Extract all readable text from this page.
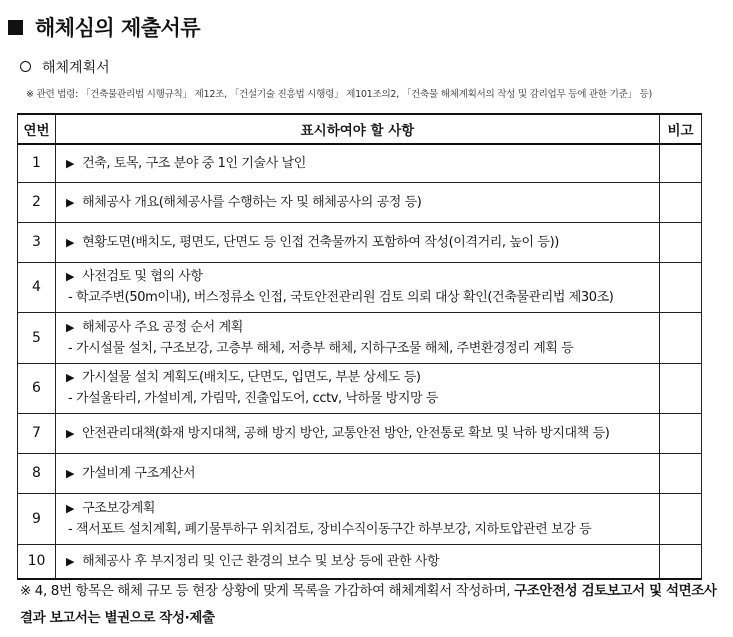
해체심의 제출서류
해체계획서
※ 관련 법령: 「건축물관리법 시행규칙」 제12조, 「건설기술 진흥법 시행령」 제101조의2, 「건축물 해체계획서의 작성 및 감리업무 등에 관한 기준」 등)
연번	표시하여야 할 사항	비고
1	▶ 건축, 토목, 구조 분야 중 1인 기술사 날인	

2	▶ 해체공사 개요(해체공사를 수행하는 자 및 해체공사의 공정 등)	

3	▶ 현황도면(배치도, 평면도, 단면도 등 인접 건축물까지 포함하여 작성(이격거리, 높이 등))	

4	▶ 사전검토 및 협의 사항
- 학교주변(50m이내), 버스정류소 인접, 국토안전관리원 검토 의뢰 대상 확인(건축물관리법 제30조)	

5	▶ 해체공사 주요 공정 순서 계획
- 가시설물 설치, 구조보강, 고층부 해체, 저층부 해체, 지하구조물 해체, 주변환경정리 계획 등	

6	▶ 가시설물 설치 계획도(배치도, 단면도, 입면도, 부분 상세도 등)
- 가설울타리, 가설비계, 가림막, 진출입도어, cctv, 낙하물 방지망 등	

7	▶ 안전관리대책(화재 방지대책, 공해 방지 방안, 교통안전 방안, 안전통로 확보 및 낙하 방지대책 등)	

8	▶ 가설비계 구조계산서	

9	▶ 구조보강계획
- 잭서포트 설치계획, 폐기물투하구 위치검토, 장비수직이동구간 하부보강, 지하토압관련 보강 등	

10	▶ 해체공사 후 부지정리 및 인근 환경의 보수 및 보상 등에 관한 사항	

※ 4, 8번 항목은 해체 규모 등 현장 상황에 맞게 목록을 가감하여 해체계획서 작성하며, 구조안전성 검토보고서 및 석면조사 결과 보고서는 별권으로 작성·제출
